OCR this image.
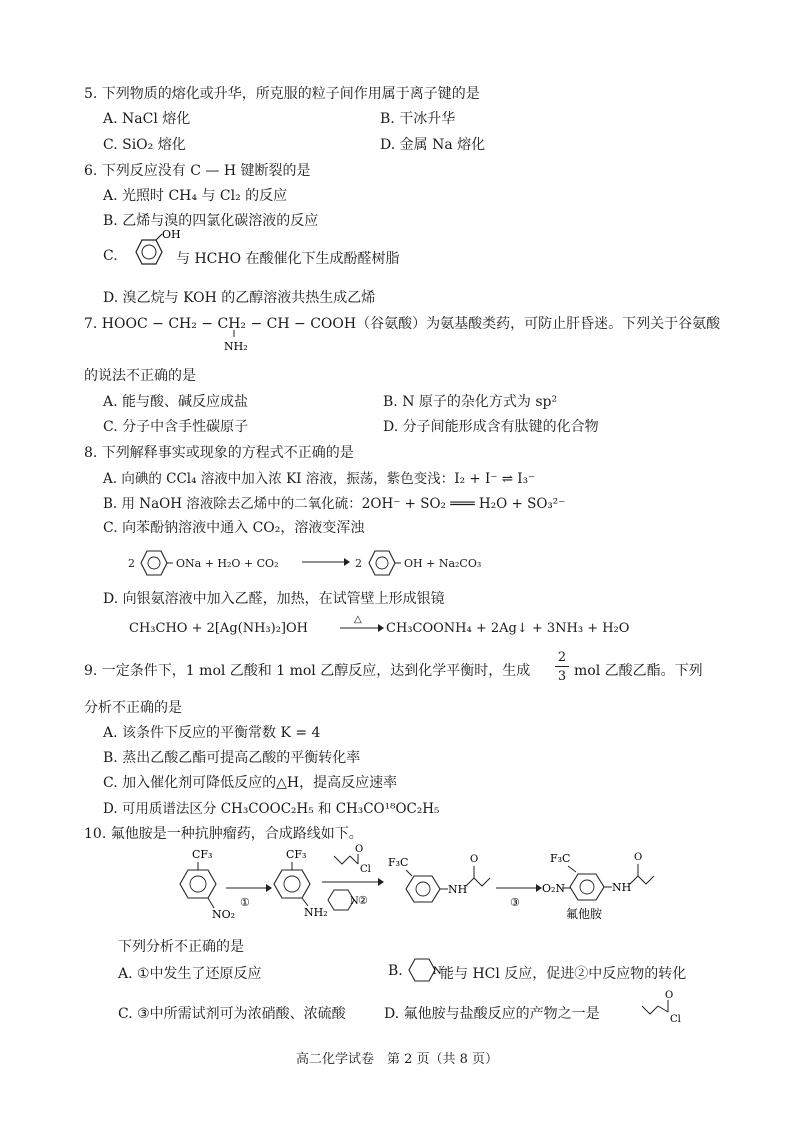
5. 下列物质的熔化或升华，所克服的粒子间作用属于离子键的是
A. NaCl 熔化	B. 干冰升华
C. SiO₂ 熔化	D. 金属 Na 熔化
6. 下列反应没有 C — H 键断裂的是
A. 光照时 CH₄ 与 Cl₂ 的反应
B. 乙烯与溴的四氯化碳溶液的反应
C.
OH
与 HCHO 在酸催化下生成酚醛树脂
D. 溴乙烷与 KOH 的乙醇溶液共热生成乙烯
7. HOOC − CH₂ − CH₂ − CH − COOH（谷氨酸）为氨基酸类药，可防止肝昏迷。下列关于谷氨酸
NH₂
的说法不正确的是
A. 能与酸、碱反应成盐	B. N 原子的杂化方式为 sp²
C. 分子中含手性碳原子	D. 分子间能形成含有肽键的化合物
8. 下列解释事实或现象的方程式不正确的是
A. 向碘的 CCl₄ 溶液中加入浓 KI 溶液，振荡，紫色变浅：I₂ + I⁻ ⇌ I₃⁻
B. 用 NaOH 溶液除去乙烯中的二氧化硫：2OH⁻ + SO₂ ═══ H₂O + SO₃²⁻
C. 向苯酚钠溶液中通入 CO₂，溶液变浑浊
2	ONa + H₂O + CO₂ → 2	OH + Na₂CO₃
D. 向银氨溶液中加入乙醛，加热，在试管壁上形成银镜
CH₃CHO + 2[Ag(NH₃)₂]OH
△
CH₃COONH₄ + 2Ag↓ + 3NH₃ + H₂O
9. 一定条件下，1 mol 乙酸和 1 mol 乙醇反应，达到化学平衡时，生成
2
3 mol 乙酸乙酯。下列
分析不正确的是
A. 该条件下反应的平衡常数 K = 4
B. 蒸出乙酸乙酯可提高乙酸的平衡转化率
C. 加入催化剂可降低反应的△H，提高反应速率
D. 可用质谱法区分 CH₃COOC₂H₅ 和 CH₃CO¹⁸OC₂H₅
10. 氟他胺是一种抗肿瘤药，合成路线如下。
CF₃
NO₂
①
CF₃
NH₂
O
Cl
N ②
F₃C
NH
O
③
F₃C
O₂N	NH
O
氟他胺
下列分析不正确的是
A. ①中发生了还原反应	B.	N
能与 HCl 反应，促进②中反应物的转化
C. ③中所需试剂可为浓硝酸、浓硫酸	D. 氟他胺与盐酸反应的产物之一是
O
Cl
高二化学试卷　第 2 页（共 8 页）
